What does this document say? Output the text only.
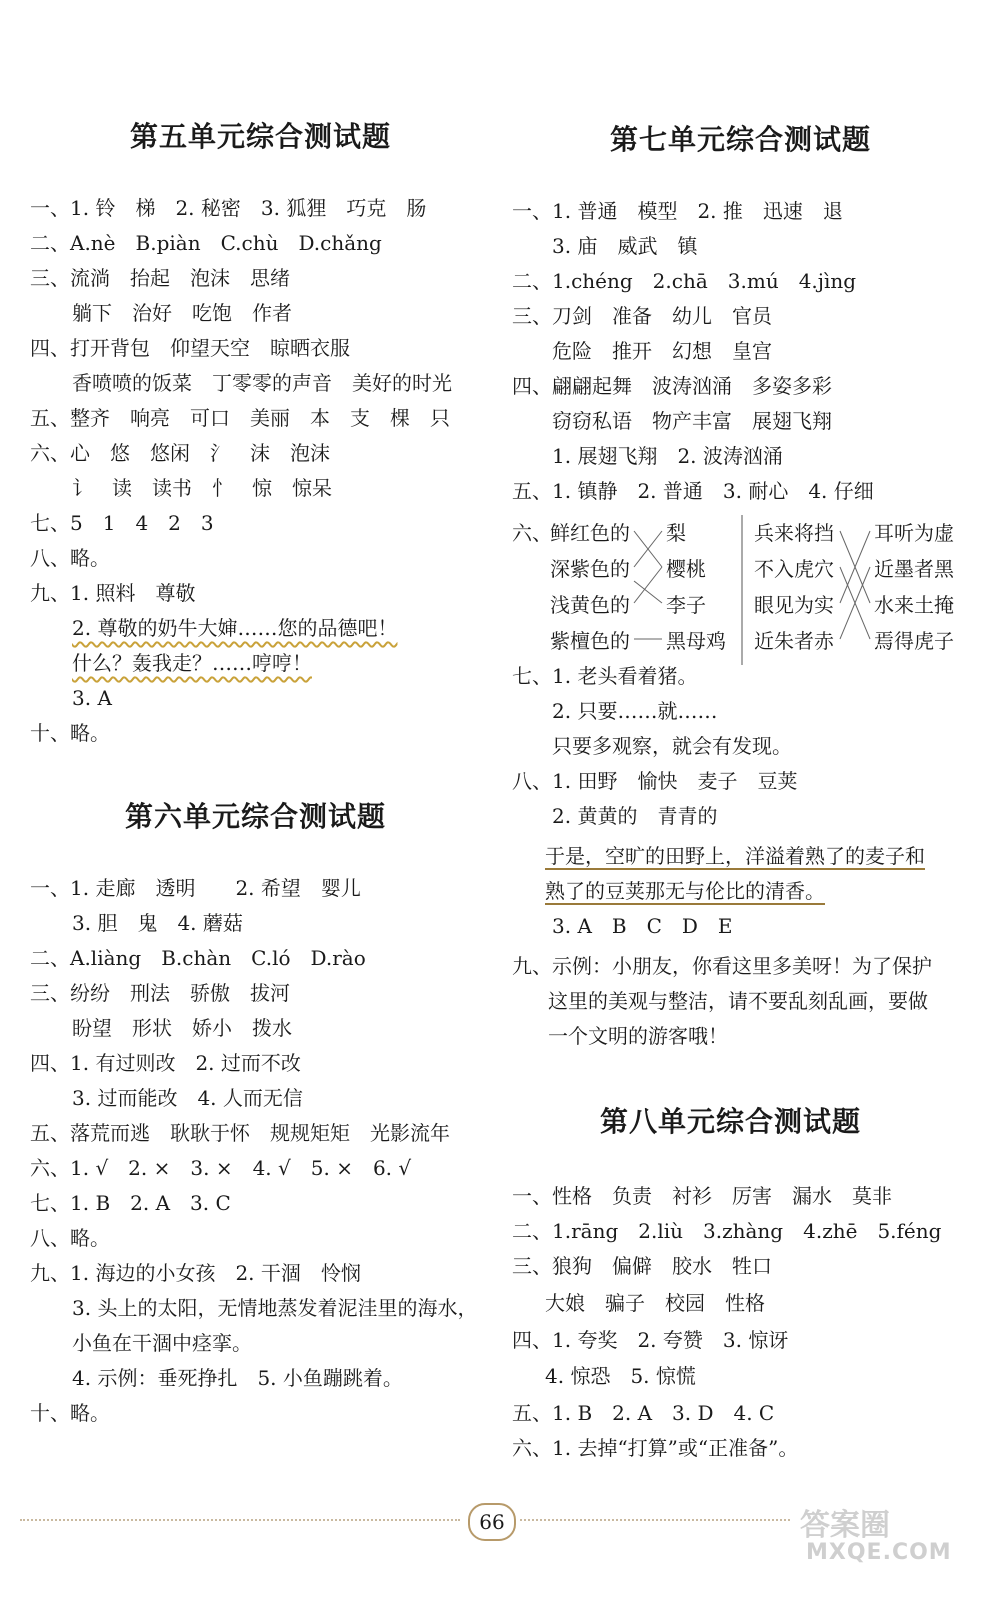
第五单元综合测试题
一、1. 铃　梯　2. 秘密　3. 狐狸　巧克　肠
二、A.nè　B.piàn　C.chù　D.chǎng
三、流淌　抬起　泡沫　思绪
躺下　治好　吃饱　作者
四、打开背包　仰望天空　晾晒衣服
香喷喷的饭菜　丁零零的声音　美好的时光
五、整齐　响亮　可口　美丽　本　支　棵　只
六、心　悠　悠闲　氵　沫　泡沫
讠　读　读书　忄　惊　惊呆
七、5　1　4　2　3
八、略。
九、1. 照料　尊敬
2. 尊敬的奶牛大婶……您的品德吧！
什么？轰我走？……哼哼！
3. A
十、略。
第六单元综合测试题
一、1. 走廊　透明　　2. 希望　婴儿
3. 胆　鬼　4. 蘑菇
二、A.liàng　B.chàn　C.ló　D.rào
三、纷纷　刑法　骄傲　拔河
盼望　形状　娇小　拨水
四、1. 有过则改　2. 过而不改
3. 过而能改　4. 人而无信
五、落荒而逃　耿耿于怀　规规矩矩　光影流年
六、1. √　2. ×　3. ×　4. √　5. ×　6. √
七、1. B　2. A　3. C
八、略。
九、1. 海边的小女孩　2. 干涸　怜悯
3. 头上的太阳，无情地蒸发着泥洼里的海水，
小鱼在干涸中痉挛。
4. 示例：垂死挣扎　5. 小鱼蹦跳着。
十、略。
第七单元综合测试题
一、1. 普通　模型　2. 推　迅速　退
3. 庙　威武　镇
二、1.chéng　2.chā　3.mú　4.jìng
三、刀剑　准备　幼儿　官员
危险　推开　幻想　皇宫
四、翩翩起舞　波涛汹涌　多姿多彩
窃窃私语　物产丰富　展翅飞翔
1. 展翅飞翔　2. 波涛汹涌
五、1. 镇静　2. 普通　3. 耐心　4. 仔细
六、
鲜红色的
深紫色的
浅黄色的
紫檀色的
梨
樱桃
李子
黑母鸡
兵来将挡
不入虎穴
眼见为实
近朱者赤
耳听为虚
近墨者黑
水来土掩
焉得虎子
七、1. 老头看着猪。
2. 只要……就……
只要多观察，就会有发现。
八、1. 田野　愉快　麦子　豆荚
2. 黄黄的　青青的
于是，空旷的田野上，洋溢着熟了的麦子和
熟了的豆荚那无与伦比的清香。
3. A　B　C　D　E
九、示例：小朋友，你看这里多美呀！为了保护
这里的美观与整洁，请不要乱刻乱画，要做
一个文明的游客哦！
第八单元综合测试题
一、性格　负责　衬衫　厉害　漏水　莫非
二、1.rāng　2.liù　3.zhàng　4.zhē　5.féng
三、狼狗　偏僻　胶水　牲口
大娘　骗子　校园　性格
四、1. 夸奖　2. 夸赞　3. 惊讶
4. 惊恐　5. 惊慌
五、1. B　2. A　3. D　4. C
六、1. 去掉“打算”或“正准备”。
66	答案圈
MXQE.COM
